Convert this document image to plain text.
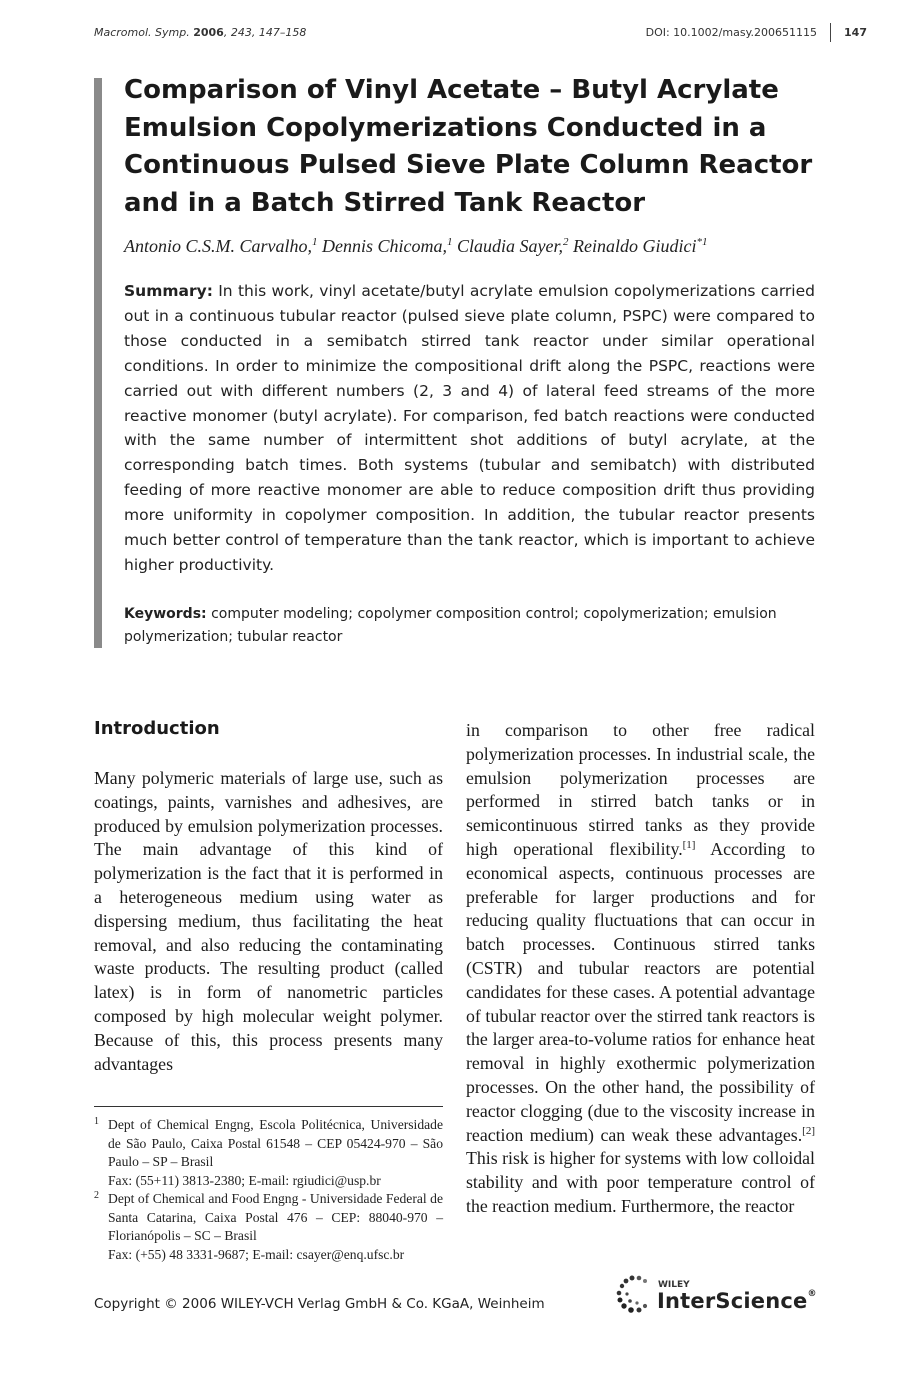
Macromol. Symp. 2006, 243, 147–158	DOI: 10.1002/masy.200651115 147
Comparison of Vinyl Acetate – Butyl Acrylate Emulsion Copolymerizations Conducted in a Continuous Pulsed Sieve Plate Column Reactor and in a Batch Stirred Tank Reactor
Antonio C.S.M. Carvalho,$^1$ Dennis Chicoma,$^1$ Claudia Sayer,$^2$ Reinaldo Giudici$^{*1}$
Summary: In this work, vinyl acetate/butyl acrylate emulsion copolymerizations carried out in a continuous tubular reactor (pulsed sieve plate column, PSPC) were compared to those conducted in a semibatch stirred tank reactor under similar operational conditions. In order to minimize the compositional drift along the PSPC, reactions were carried out with different numbers (2, 3 and 4) of lateral feed streams of the more reactive monomer (butyl acrylate). For comparison, fed batch reactions were conducted with the same number of intermittent shot additions of butyl acrylate, at the corresponding batch times. Both systems (tubular and semibatch) with distributed feeding of more reactive monomer are able to reduce composition drift thus providing more uniformity in copolymer composition. In addition, the tubular reactor presents much better control of temperature than the tank reactor, which is important to achieve higher productivity.
Keywords: computer modeling; copolymer composition control; copolymerization; emulsion polymerization; tubular reactor
Introduction
Many polymeric materials of large use, such as coatings, paints, varnishes and adhesives, are produced by emulsion polymerization processes. The main advantage of this kind of polymerization is the fact that it is performed in a heterogeneous medium using water as dispersing medium, thus facilitating the heat removal, and also reducing the contaminating waste products. The resulting product (called latex) is in form of nanometric particles composed by high molecular weight polymer. Because of this, this process presents many advantages
in comparison to other free radical polymerization processes. In industrial scale, the emulsion polymerization processes are performed in stirred batch tanks or in semicontinuous stirred tanks as they provide high operational flexibility.[1] According to economical aspects, continuous processes are preferable for larger productions and for reducing quality fluctuations that can occur in batch processes. Continuous stirred tanks (CSTR) and tubular reactors are potential candidates for these cases. A potential advantage of tubular reactor over the stirred tank reactors is the larger area-to-volume ratios for enhance heat removal in highly exothermic polymerization processes. On the other hand, the possibility of reactor clogging (due to the viscosity increase in reaction medium) can weak these advantages.[2] This risk is higher for systems with low colloidal stability and with poor temperature control of the reaction medium. Furthermore, the reactor
1 Dept of Chemical Engng, Escola Politécnica, Universidade de São Paulo, Caixa Postal 61548 – CEP 05424-970 – São Paulo – SP – Brasil
Fax: (55+11) 3813-2380; E-mail: rgiudici@usp.br
2 Dept of Chemical and Food Engng - Universidade Federal de Santa Catarina, Caixa Postal 476 – CEP: 88040-970 – Florianópolis – SC – Brasil
Fax: (+55) 48 3331-9687; E-mail: csayer@enq.ufsc.br
Copyright © 2006 WILEY-VCH Verlag GmbH & Co. KGaA, Weinheim
WILEY
InterScience®
